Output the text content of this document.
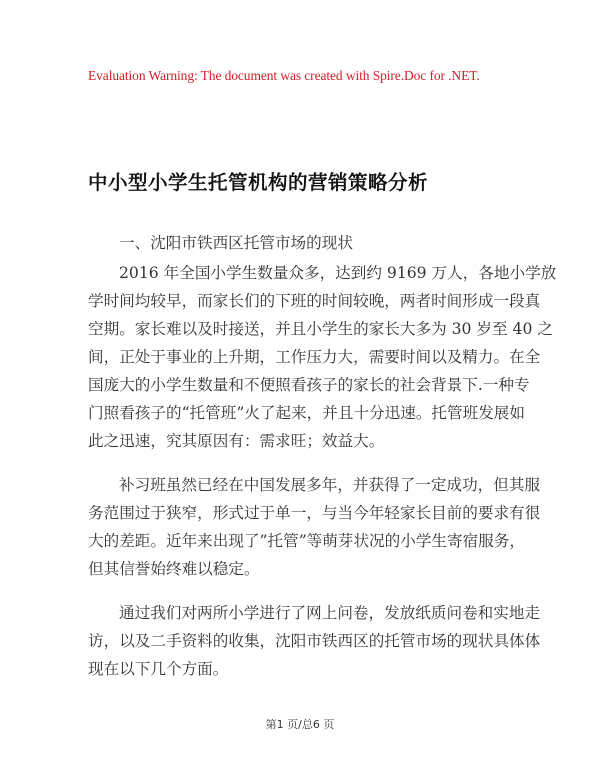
Evaluation Warning: The document was created with Spire.Doc for .NET.
中小型小学生托管机构的营销策略分析

一、沈阳市铁西区托管市场的现状

2016 年全国小学生数量众多，达到约 9169 万人，各地小学放
学时间均较早，而家长们的下班的时间较晚，两者时间形成一段真
空期。家长难以及时接送，并且小学生的家长大多为 30 岁至 40 之
间，正处于事业的上升期，工作压力大，需要时间以及精力。在全
国庞大的小学生数量和不便照看孩子的家长的社会背景下.一种专
门照看孩子的“托管班”火了起来，并且十分迅速。托管班发展如
此之迅速，究其原因有：需求旺；效益大。

补习班虽然已经在中国发展多年，并获得了一定成功，但其服
务范围过于狭窄，形式过于单一，与当今年轻家长目前的要求有很
大的差距。近年来出现了”托管”等萌芽状况的小学生寄宿服务，
但其信誉始终难以稳定。

通过我们对两所小学进行了网上问卷，发放纸质问卷和实地走
访，以及二手资料的收集，沈阳市铁西区的托管市场的现状具体体
现在以下几个方面。

第1 页/总6 页
